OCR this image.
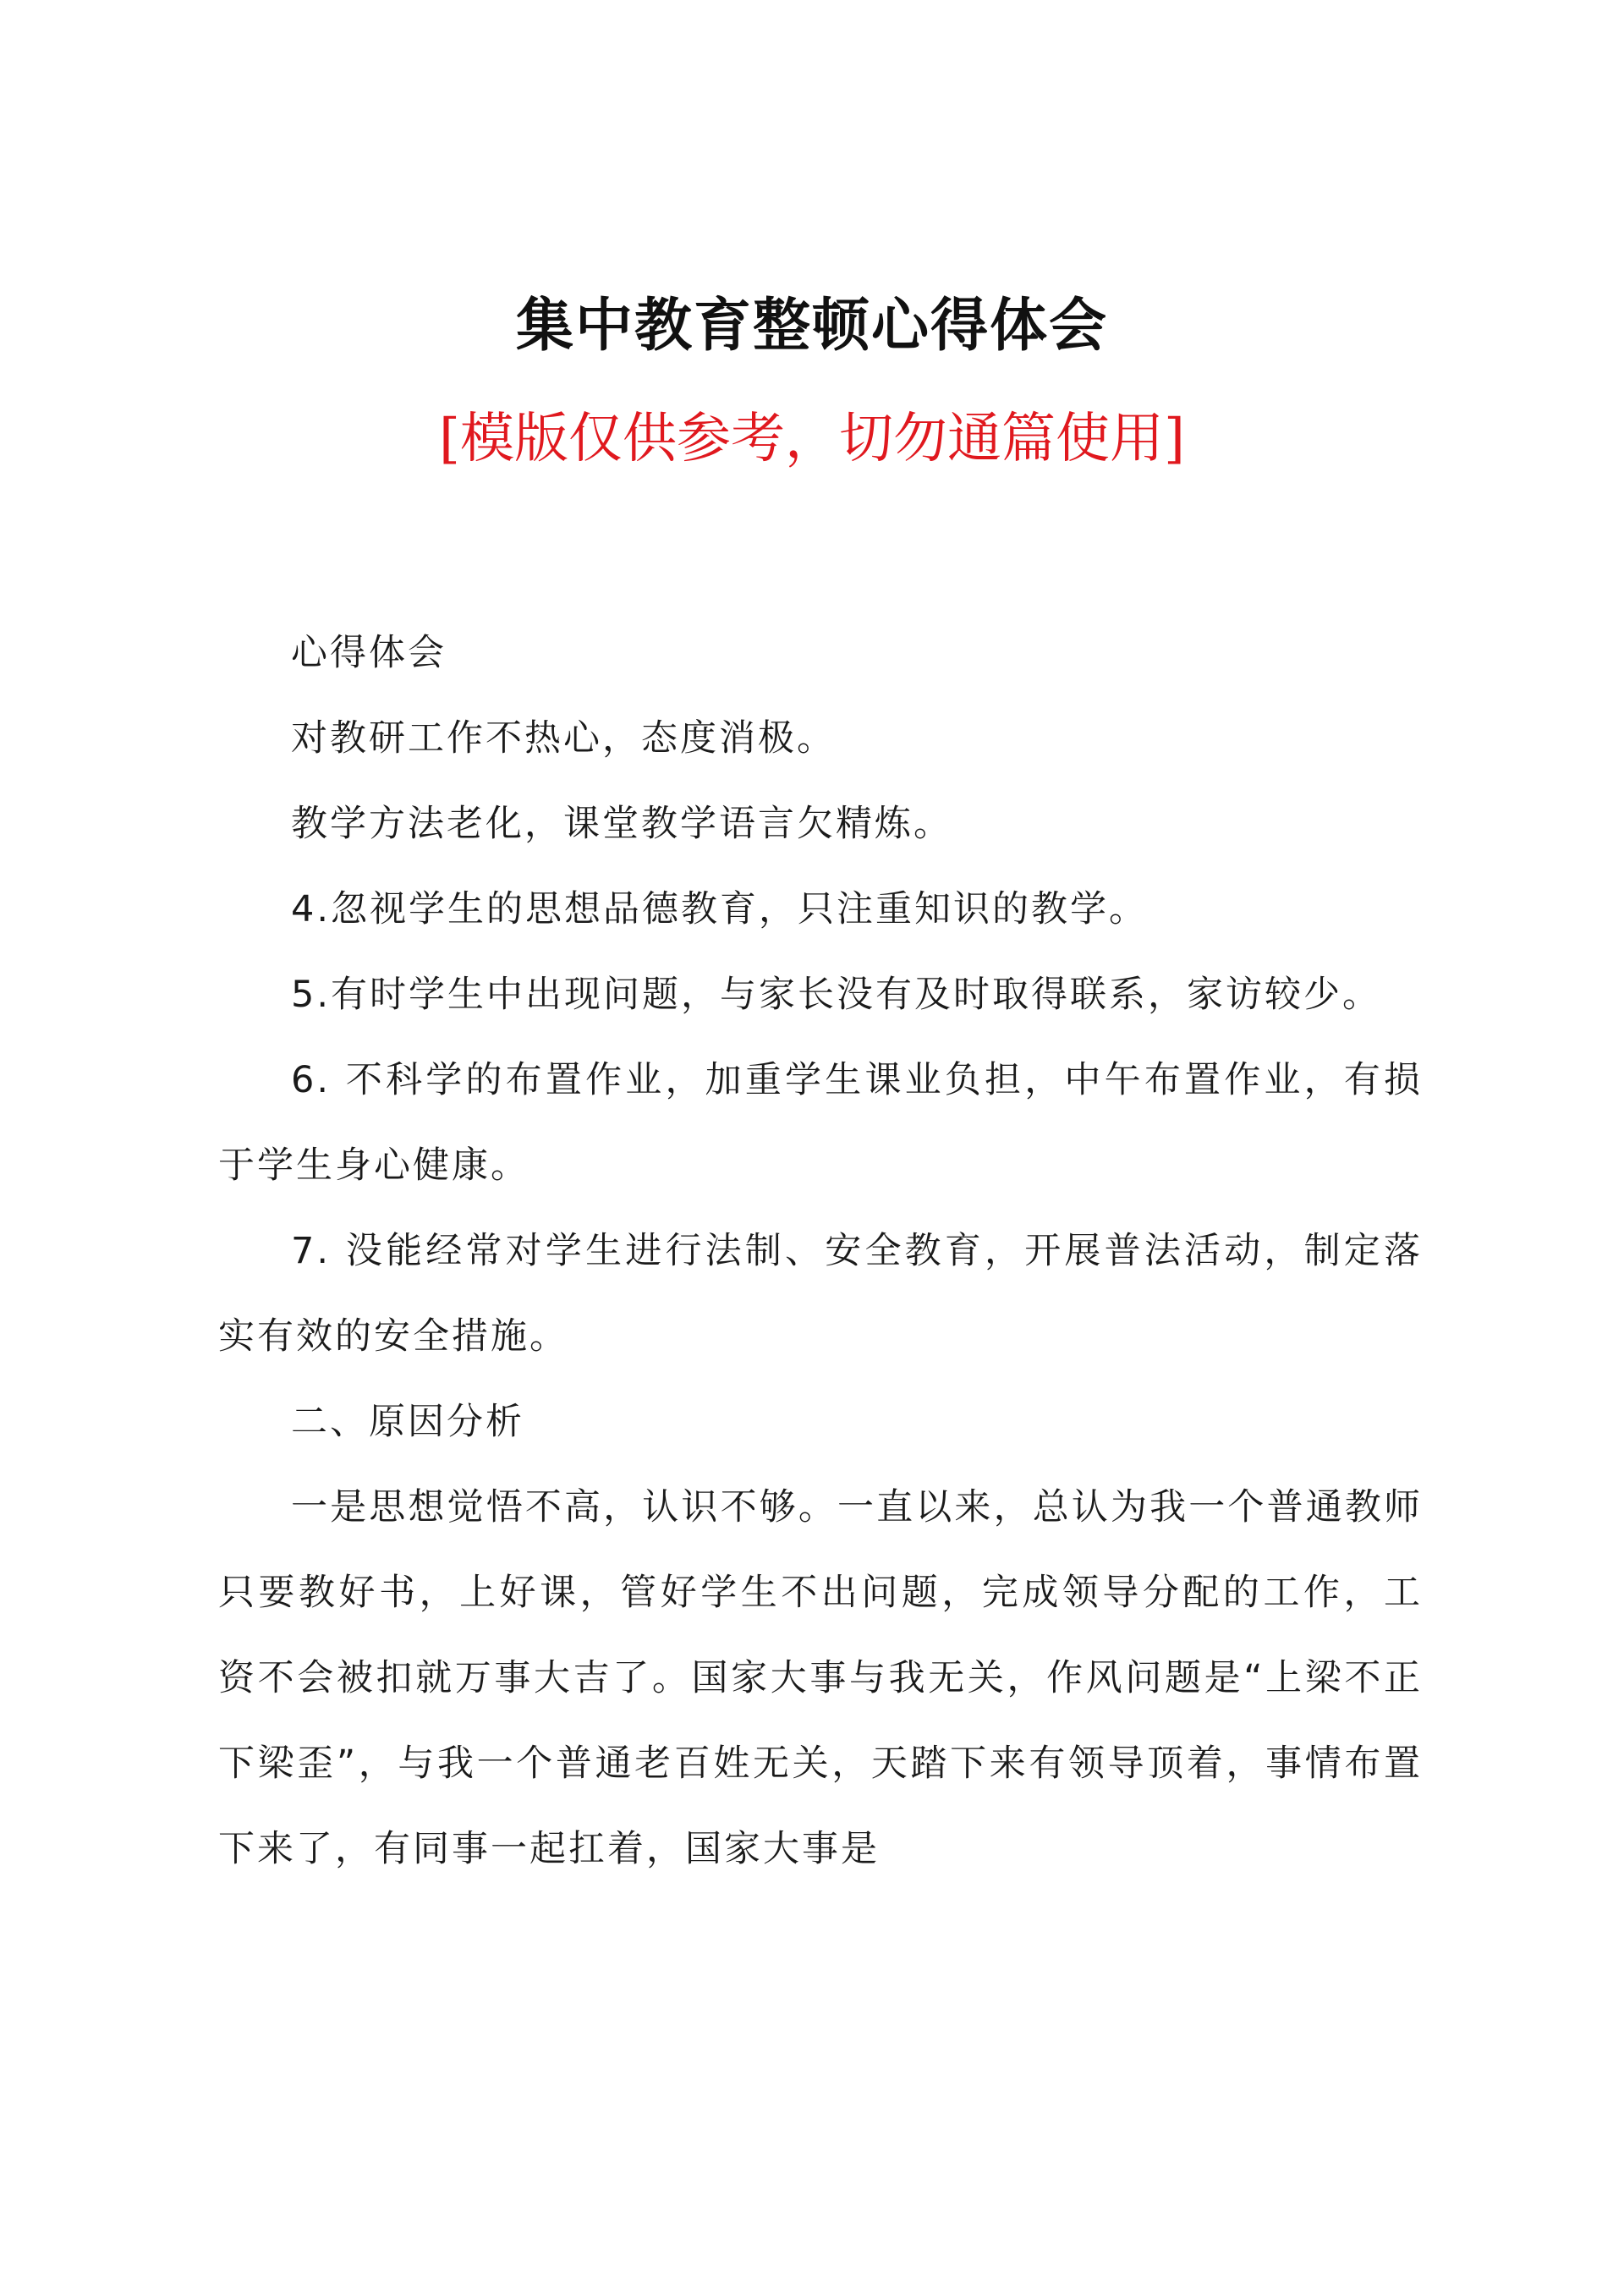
集中教育整顿心得体会
[模版仅供参考，切勿通篇使用]

心得体会

对教研工作不热心，态度消极。

教学方法老化，课堂教学语言欠精炼。

4.忽视学生的思想品德教育，只注重知识的教学。

5.有时学生中出现问题，与家长没有及时取得联系，家访较少。

6. 不科学的布置作业，加重学生课业负担，中午布置作业，有损于学生身心健康。

7. 没能经常对学生进行法制、安全教育，开展普法活动，制定落实有效的安全措施。

二、原因分析

一是思想觉悟不高，认识不够。一直以来，总认为我一个普通教师只要教好书，上好课，管好学生不出问题，完成领导分配的工作，工资不会被扣就万事大吉了。国家大事与我无关，作风问题是“上梁不正下梁歪”，与我一个普通老百姓无关，天踏下来有领导顶着，事情布置下来了，有同事一起扛着，国家大事是
